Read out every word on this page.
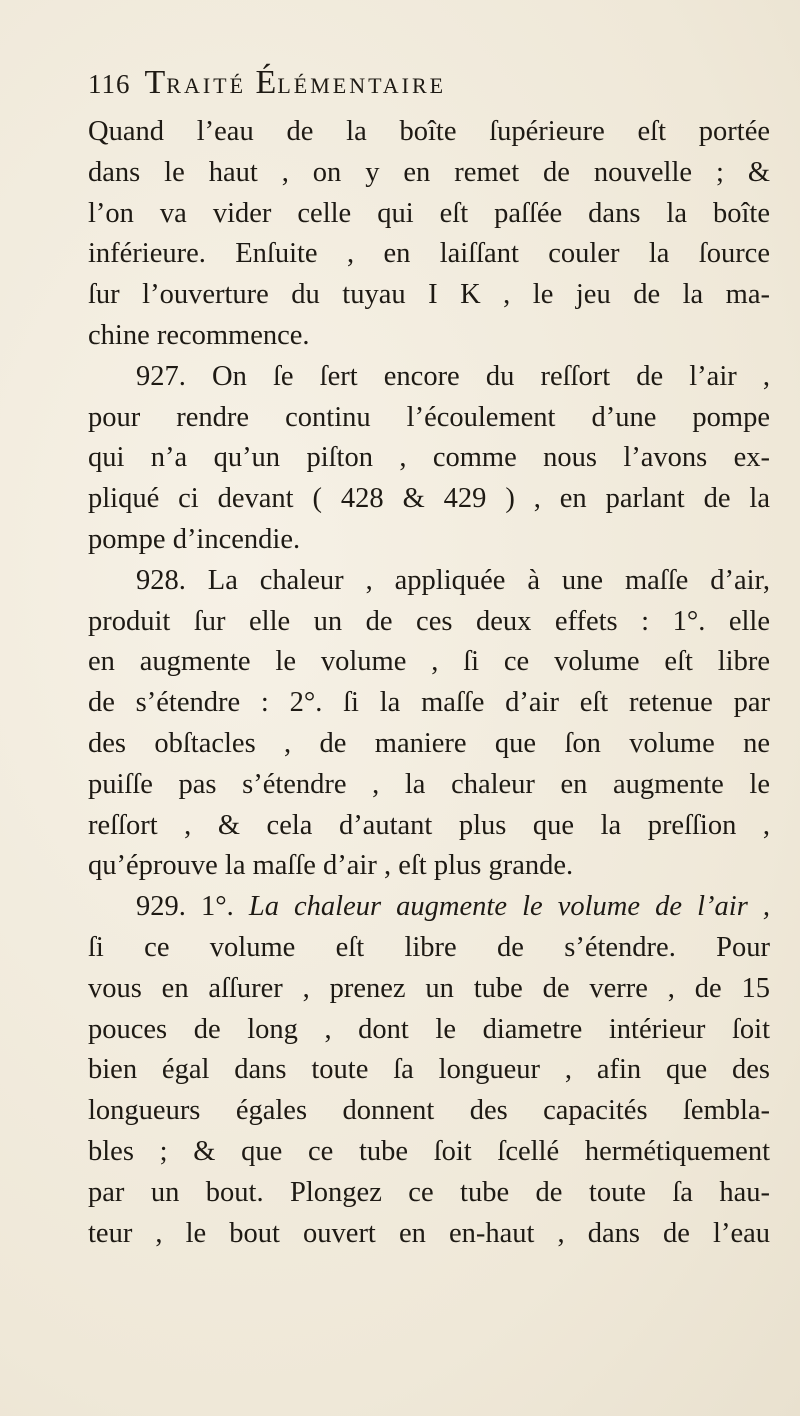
116 TRAITÉ ÉLÉMENTAIRE
Quand l’eau de la boîte ſupérieure eſt portée
dans le haut , on y en remet de nouvelle ; &
l’on va vider celle qui eſt paſſée dans la boîte
inférieure. Enſuite , en laiſſant couler la ſource
ſur l’ouverture du tuyau I K , le jeu de la ma-
chine recommence.
927. On ſe ſert encore du reſſort de l’air ,
pour rendre continu l’écoulement d’une pompe
qui n’a qu’un piſton , comme nous l’avons ex-
pliqué ci devant ( 428 & 429 ) , en parlant de la
pompe d’incendie.
928. La chaleur , appliquée à une maſſe d’air,
produit ſur elle un de ces deux effets : 1°. elle
en augmente le volume , ſi ce volume eſt libre
de s’étendre : 2°. ſi la maſſe d’air eſt retenue par
des obſtacles , de maniere que ſon volume ne
puiſſe pas s’étendre , la chaleur en augmente le
reſſort , & cela d’autant plus que la preſſion ,
qu’éprouve la maſſe d’air , eſt plus grande.
929. 1°. La chaleur augmente le volume de l’air ,
ſi ce volume eſt libre de s’étendre. Pour
vous en aſſurer , prenez un tube de verre , de 15
pouces de long , dont le diametre intérieur ſoit
bien égal dans toute ſa longueur , afin que des
longueurs égales donnent des capacités ſembla-
bles ; & que ce tube ſoit ſcellé hermétiquement
par un bout. Plongez ce tube de toute ſa hau-
teur , le bout ouvert en en-haut , dans de l’eau
